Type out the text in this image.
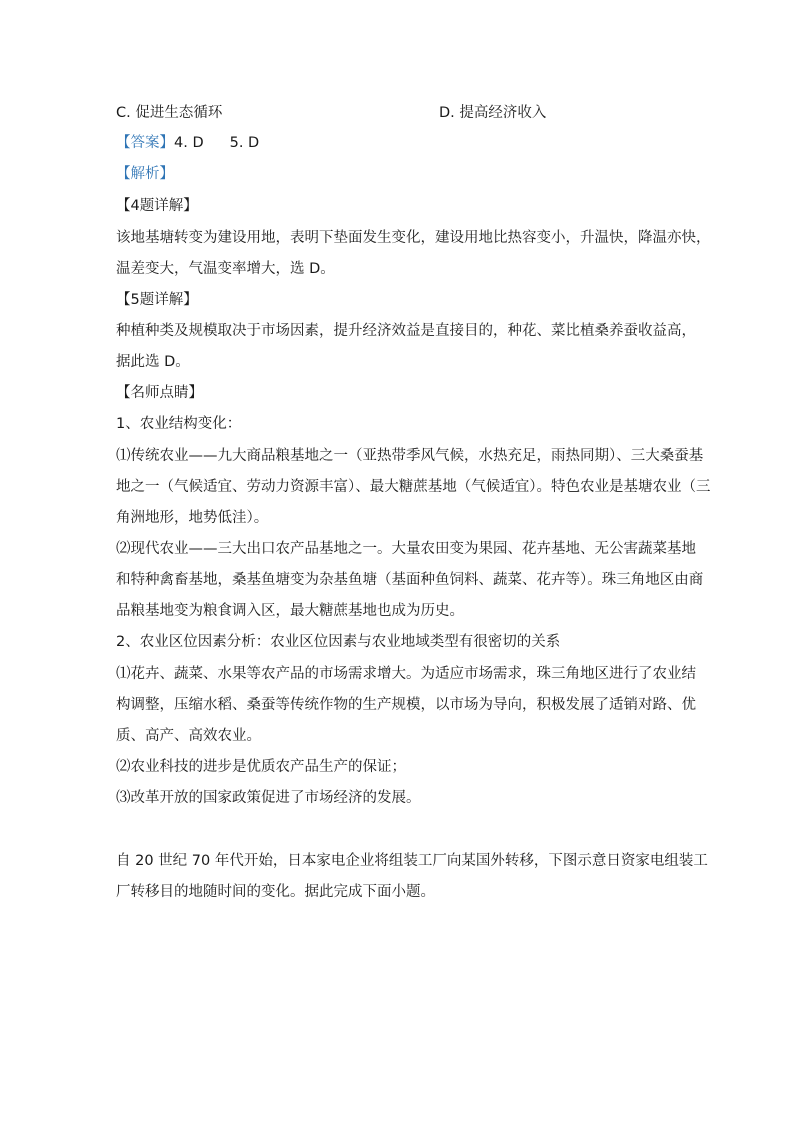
C. 促进生态循环	D. 提高经济收入
【答案】4. D 5. D
【解析】
【4题详解】
该地基塘转变为建设用地，表明下垫面发生变化，建设用地比热容变小，升温快，降温亦快，
温差变大，气温变率增大，选 D。
【5题详解】
种植种类及规模取决于市场因素，提升经济效益是直接目的，种花、菜比植桑养蚕收益高，
据此选 D。
【名师点睛】
1、农业结构变化：
⑴传统农业——九大商品粮基地之一（亚热带季风气候，水热充足，雨热同期）、三大桑蚕基
地之一（气候适宜、劳动力资源丰富）、最大糖蔗基地（气候适宜）。特色农业是基塘农业（三
角洲地形，地势低洼）。
⑵现代农业——三大出口农产品基地之一。大量农田变为果园、花卉基地、无公害蔬菜基地
和特种禽畜基地，桑基鱼塘变为杂基鱼塘（基面种鱼饲料、蔬菜、花卉等）。珠三角地区由商
品粮基地变为粮食调入区，最大糖蔗基地也成为历史。
2、农业区位因素分析：农业区位因素与农业地域类型有很密切的关系
⑴花卉、蔬菜、水果等农产品的市场需求增大。为适应市场需求，珠三角地区进行了农业结
构调整，压缩水稻、桑蚕等传统作物的生产规模，以市场为导向，积极发展了适销对路、优
质、高产、高效农业。
⑵农业科技的进步是优质农产品生产的保证；
⑶改革开放的国家政策促进了市场经济的发展。
自 20 世纪 70 年代开始，日本家电企业将组装工厂向某国外转移，下图示意日资家电组装工
厂转移目的地随时间的变化。据此完成下面小题。
